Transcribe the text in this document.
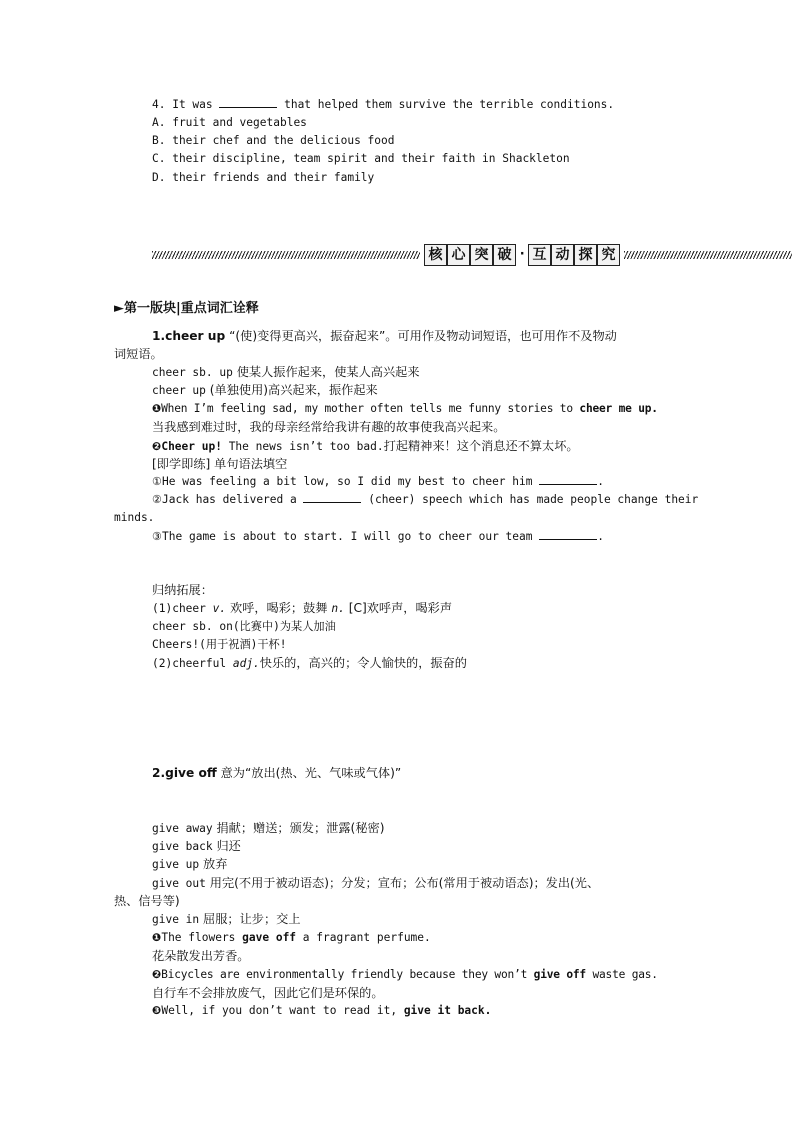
4. It was	that helped them survive the terrible conditions.
A. fruit and vegetables
B. their chef and the delicious food
C. their discipline, team spirit and their faith in Shackleton
D. their friends and their family
核 心 突 破 · 互 动 探 究
►第一版块|重点词汇诠释
1.cheer up “(使)变得更高兴，振奋起来”。可用作及物动词短语，也可用作不及物动
词短语。
cheer sb. up 使某人振作起来，使某人高兴起来
cheer up (单独使用)高兴起来，振作起来
❶When I’m feeling sad, my mother often tells me funny stories to cheer me up.
当我感到难过时，我的母亲经常给我讲有趣的故事使我高兴起来。
❷Cheer up! The news isn’t too bad.打起精神来！这个消息还不算太坏。
[即学即练] 单句语法填空
①He was feeling a bit low, so I did my best to cheer him	.
②Jack has delivered a	(cheer) speech which has made people change their
minds.
③The game is about to start. I will go to cheer our team	.
归纳拓展：
(1)cheer v. 欢呼，喝彩；鼓舞 n. [C]欢呼声，喝彩声
cheer sb. on(比赛中)为某人加油
Cheers!(用于祝酒)干杯!
(2)cheerful adj.快乐的，高兴的；令人愉快的，振奋的
2.give off 意为“放出(热、光、气味或气体)”
give away 捐献；赠送；颁发；泄露(秘密)
give back 归还
give up 放弃
give out 用完(不用于被动语态)；分发；宣布；公布(常用于被动语态)；发出(光、
热、信号等)
give in 屈服；让步；交上
❶The flowers gave off a fragrant perfume.
花朵散发出芳香。
❷Bicycles are environmentally friendly because they won’t give off waste gas.
自行车不会排放废气，因此它们是环保的。
❸Well, if you don’t want to read it, give it back.
